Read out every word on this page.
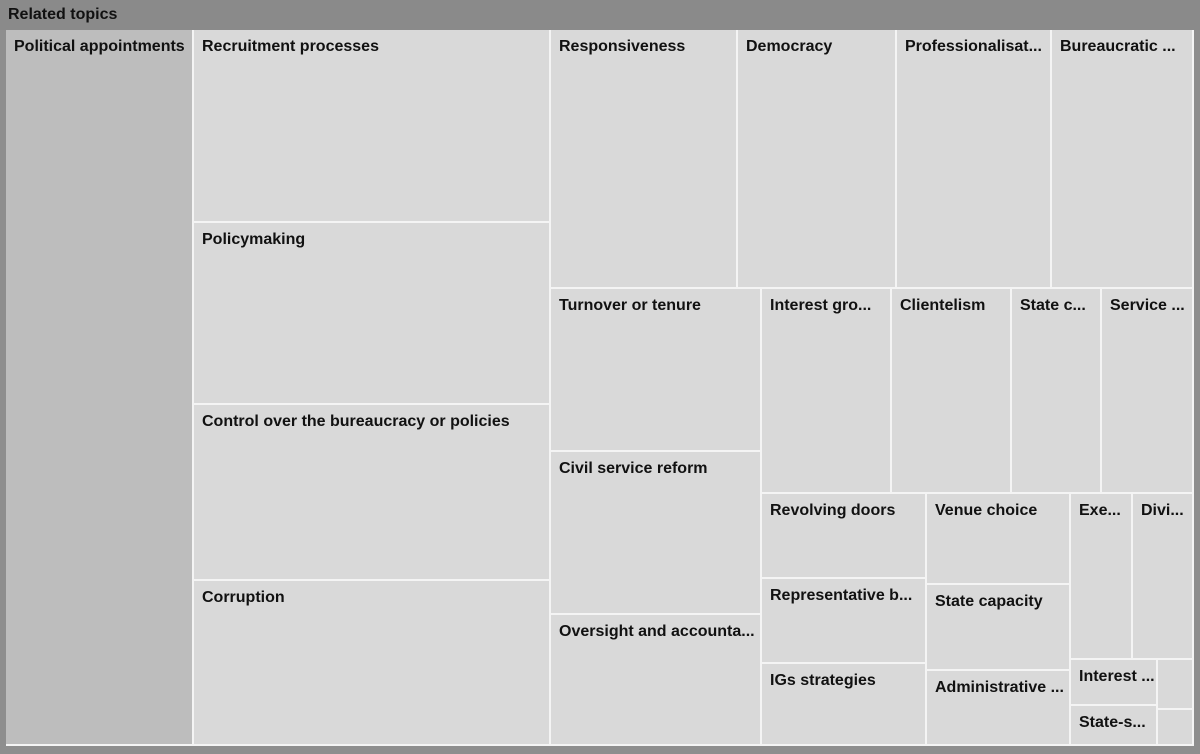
Related topics
Political appointments Recruitment processes
Policymaking
Control over the bureaucracy or policies
Corruption
Responsiveness	Democracy	Professionalisat... Bureaucratic ...
Turnover or tenure
Civil service reform
Oversight and accounta...
Interest gro... Clientelism State c... Service ...
Revolving doors Venue choice	Exe... Divi...
Representative b... State capacity
IGs strategies	Administrative ...
Interest ...
State-s...
